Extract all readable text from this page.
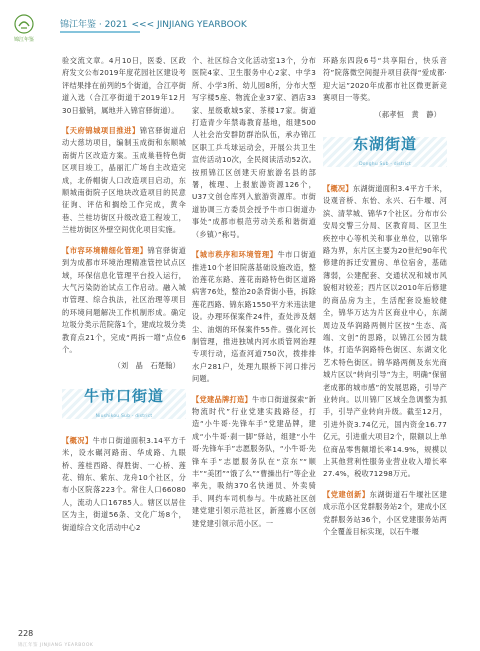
锦江年鉴
锦江年鉴 · 2021 <<< JINJIANG YEARBOOK

验交流文章。4月10日，医委、区政府发文公布2019年度花园社区建设考评结果排在前列的5个街道，合江亭街道入选（合江亭街道于2019年12月30日撤销，属地并入锦官驿街道）。

【天府锦城项目推进】锦官驿街道启动大慈坊项目，编制玉成街和东顺城南街片区改造方案。玉成巢巷特色街区项目竣工，晶丽汇广场自主改造完成，北侨帽街人口改造项目启动，东顺城南街院子区地块改造项目的民意征询、评估和搁绘工作完成，黄伞巷、兰桂坊街区升级改造工程竣工，兰桂坊街区外壁空间优化项目实施。

【市容环境精细化管理】锦官驿街道到为成都市环境治理精准管控试点区域，环保信息化管理平台投入运行，大气污染防治试点工作启动。融入城市管理、综合执法，社区治理等项目的环境问题解决工作机制形成。确定垃圾分类示范院落1个，建成垃圾分类教育点21个，完成“两拆一增”点位6个。

（刘　晶　石楚翰）

牛市口街道
Niushikou Sub - district

【概况】牛市口街道面积3.14平方千米，设水碾河路南、华成路、九眼桥、莲桂西路、得胜街、一心桥、莲花、锦东、紫东、龙舟10个社区，分布小区院落223个。常住人口66080人，流动人口16785人。辖区以居住区为主，街道56条、文化广场8个，街道综合文化活动中心2

个、社区综合文化活动室13个，分布医院4家、卫生服务中心2家、中学3所、小学3所、幼儿园8所，分布大型写字楼5座、物流企业37家、酒店33家、星级歌城5家、茶楼17家。街道打造青少年禁毒教育基地，组建500人社会治安群防群治队伍，承办锦江区职工乒乓球运动会，开展公共卫生宣传活动10次，全民阅读活动52次。按照锦江区创建天府旅游名县的部署，梳理、上报旅游资源126个，U37文创仓库列入旅游资源库。市街道协调三方委员会授予牛市口街道办事处“成都市根范劳动关系和谐街道（乡镇）”称号。

【城市秩序和环境管理】牛市口街道推进10个老旧院落基础设施改造，整治莲花东路、莲花南路特色街区道路病害76处，整治20条背街小巷，拆除莲花西路、锦东路1550平方米违法建设。办理环保案件24件，查处涉及烟尘、油烟的环保案件55件。强化河长制管理，推进独城内河水质管网治理专项行动，巡查河道750次，拨排排水户281户，处理九眼桥下河口排污问题。

【党建品牌打造】牛市口街道探索“新物流时代”行业党建实践路径，打造“小牛哥·先锋车手”党建品牌，建成“小牛哥·刹一脚”驿站，组建“小牛哥·先锋车手”志愿服务队，“小牛哥·先锋车手”志愿服务队在“京东”“顺丰”“美团”“饿了么”“曹操出行”等企业率先，吸纳370名快递员、外卖骑手、网约车司机参与。牛成路社区创建党建引领示范社区，新莲廊小区创建党建引领示范小区。一

环路东四段6号“共享阳台，快乐音符”院落微空间提升项目获得“爱成都·迎大运”2020年成都市社区微更新竞赛项目一等奖。

（郝孝恒　黄　静）

东湖街道
Donghu Sub - district

【概况】东湖街道面积3.4平方千米，设观音桥、东怡、永兴、石牛堰、河滨、清苹城、锦华7个社区。分布市公安局交警三分局、区教育局、区卫生疾控中心等机关和事业单位，以锦华路为界，东片区主要为20世纪90年代修建的拆迁安置房、单位宿舍，基础薄弱，公建配套、交通状况和城市风貌相对较差；西片区以2010年后修建的商品房为主，生活配套设施较健全，锦华万达为片区商业中心，东湖周边及华润路两侧片区按“生态、高端、文创”的思路，以锦江公园为载体，打造华润路特色街区、东湖文化艺术特色街区。锦华路两侧及东光商城片区以“转向引导”为主，明确“保留老成都的城市感”的发展思路，引导产业转向。以川锦厂区域全急调整为抓手，引导产业转向升级。截至12月，引进外资3.74亿元，国内资金16.77亿元，引进重大项目2个，限额以上单位商品零售额增长率14.9%，规模以上其他营利性服务业营业收入增长率27.4%，税收71298万元。

【党建创新】东湖街道石牛堰社区建成示范小区党群服务站2个，建成小区党群服务站36个，小区党建服务站两个全覆盖目标实现，以石牛堰

228
锦江年鉴 JINJIANG YEARBOOK
